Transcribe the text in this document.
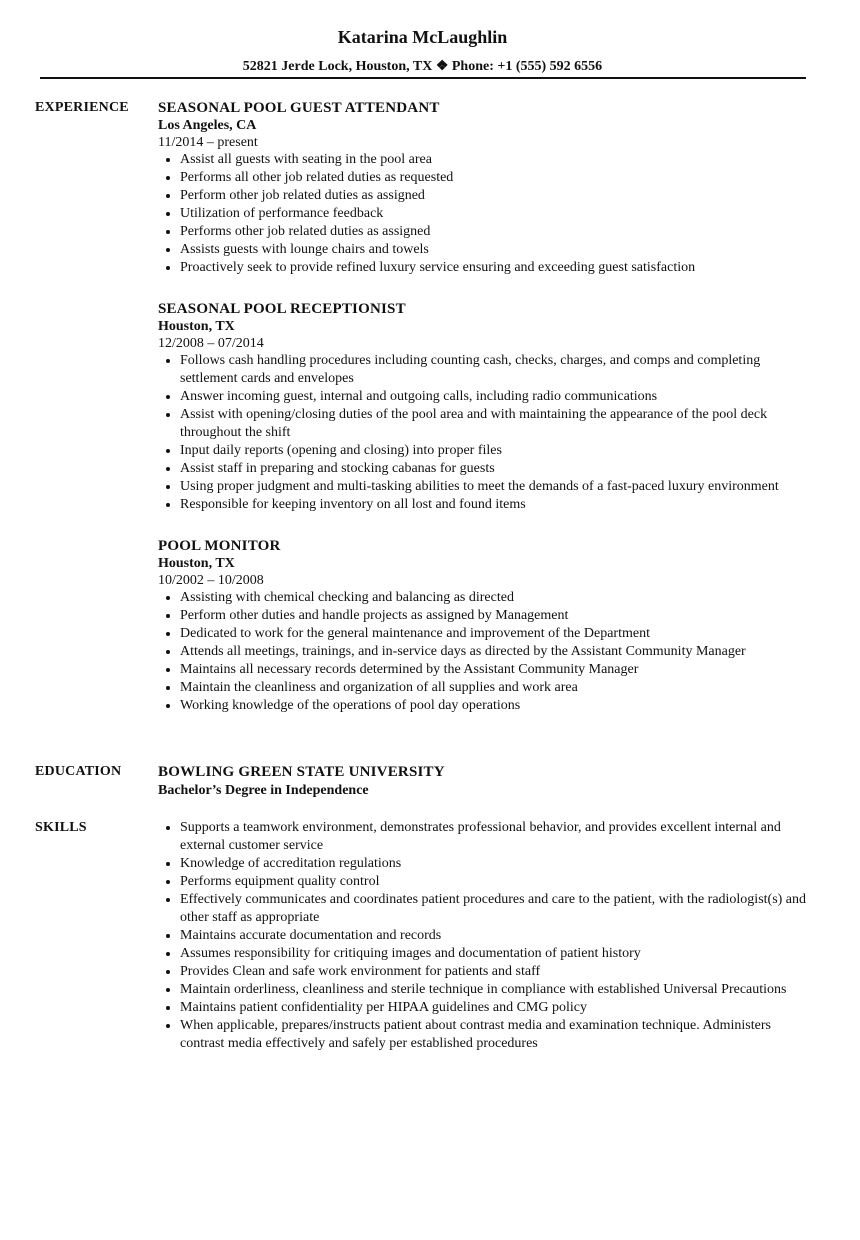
Katarina McLaughlin
52821 Jerde Lock, Houston, TX ❖ Phone: +1 (555) 592 6556
EXPERIENCE SEASONAL POOL GUEST ATTENDANT
Los Angeles, CA
11/2014 – present
• Assist all guests with seating in the pool area
• Performs all other job related duties as requested
• Perform other job related duties as assigned
• Utilization of performance feedback
• Performs other job related duties as assigned
• Assists guests with lounge chairs and towels
• Proactively seek to provide refined luxury service ensuring and exceeding guest satisfaction
SEASONAL POOL RECEPTIONIST
Houston, TX
12/2008 – 07/2014
• Follows cash handling procedures including counting cash, checks, charges, and comps and completing settlement cards and envelopes
• Answer incoming guest, internal and outgoing calls, including radio communications
• Assist with opening/closing duties of the pool area and with maintaining the appearance of the pool deck throughout the shift
• Input daily reports (opening and closing) into proper files
• Assist staff in preparing and stocking cabanas for guests
• Using proper judgment and multi-tasking abilities to meet the demands of a fast-paced luxury environment
• Responsible for keeping inventory on all lost and found items
POOL MONITOR
Houston, TX
10/2002 – 10/2008
• Assisting with chemical checking and balancing as directed
• Perform other duties and handle projects as assigned by Management
• Dedicated to work for the general maintenance and improvement of the Department
• Attends all meetings, trainings, and in-service days as directed by the Assistant Community Manager
• Maintains all necessary records determined by the Assistant Community Manager
• Maintain the cleanliness and organization of all supplies and work area
• Working knowledge of the operations of pool day operations
EDUCATION BOWLING GREEN STATE UNIVERSITY
Bachelor’s Degree in Independence
SKILLS
•	Supports a teamwork environment, demonstrates professional behavior, and provides excellent internal and external customer service
• Knowledge of accreditation regulations
• Performs equipment quality control
• Effectively communicates and coordinates patient procedures and care to the patient, with the radiologist(s) and other staff as appropriate
• Maintains accurate documentation and records
• Assumes responsibility for critiquing images and documentation of patient history
• Provides Clean and safe work environment for patients and staff
• Maintain orderliness, cleanliness and sterile technique in compliance with established Universal Precautions
• Maintains patient confidentiality per HIPAA guidelines and CMG policy
• When applicable, prepares/instructs patient about contrast media and examination technique. Administers contrast media effectively and safely per established procedures
